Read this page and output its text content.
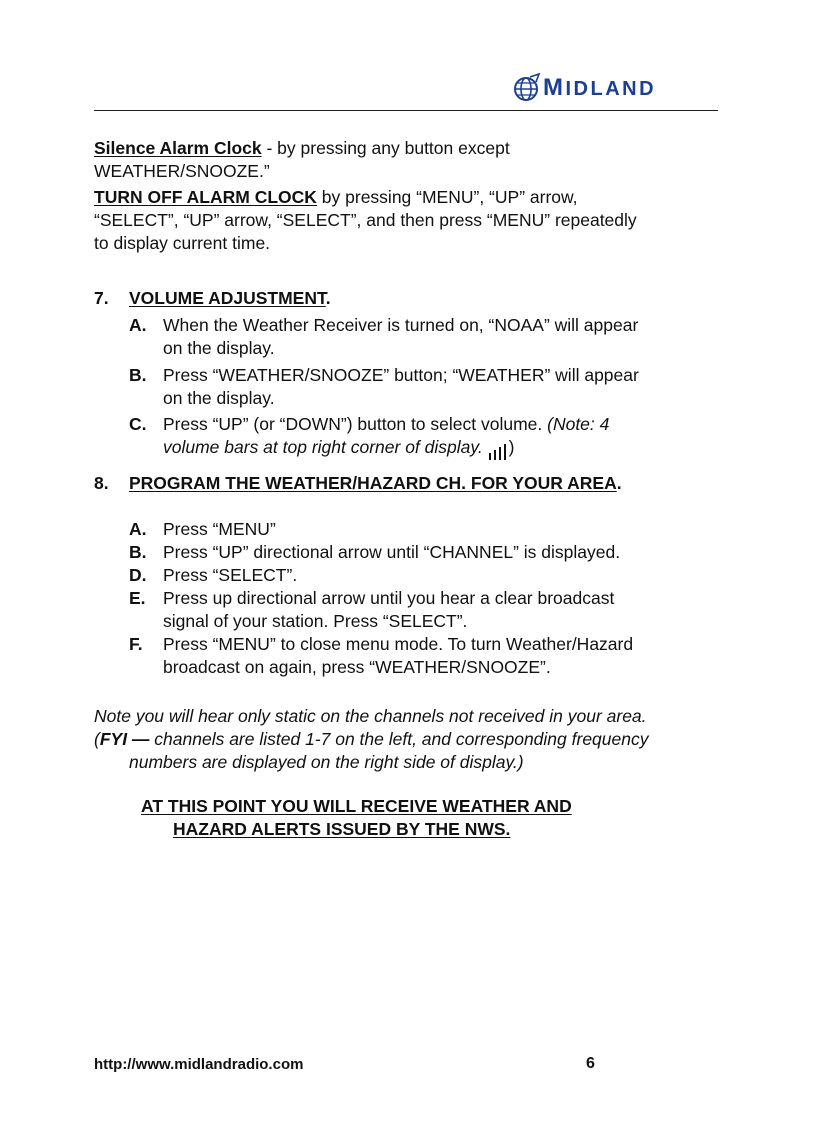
MIDLAND
Silence Alarm Clock - by pressing any button except
WEATHER/SNOOZE.”
TURN OFF ALARM CLOCK by pressing “MENU”, “UP” arrow,
“SELECT”, “UP” arrow, “SELECT”, and then press “MENU” repeatedly
to display current time.
7. VOLUME ADJUSTMENT.
A. When the Weather Receiver is turned on, “NOAA” will appear
on the display.
B. Press “WEATHER/SNOOZE” button; “WEATHER” will appear
on the display.
C. Press “UP” (or “DOWN”) button to select volume. (Note: 4
volume bars at top right corner of display. )
8. PROGRAM THE WEATHER/HAZARD CH. FOR YOUR AREA.
A. Press “MENU”
B. Press “UP” directional arrow until “CHANNEL” is displayed.
D. Press “SELECT”.
E. Press up directional arrow until you hear a clear broadcast
signal of your station. Press “SELECT”.
F. Press “MENU” to close menu mode. To turn Weather/Hazard
broadcast on again, press “WEATHER/SNOOZE”.
Note you will hear only static on the channels not received in your area.
(FYI — channels are listed 1-7 on the left, and corresponding frequency
numbers are displayed on the right side of display.)
AT THIS POINT YOU WILL RECEIVE WEATHER AND
HAZARD ALERTS ISSUED BY THE NWS.
http://www.midlandradio.com	6
